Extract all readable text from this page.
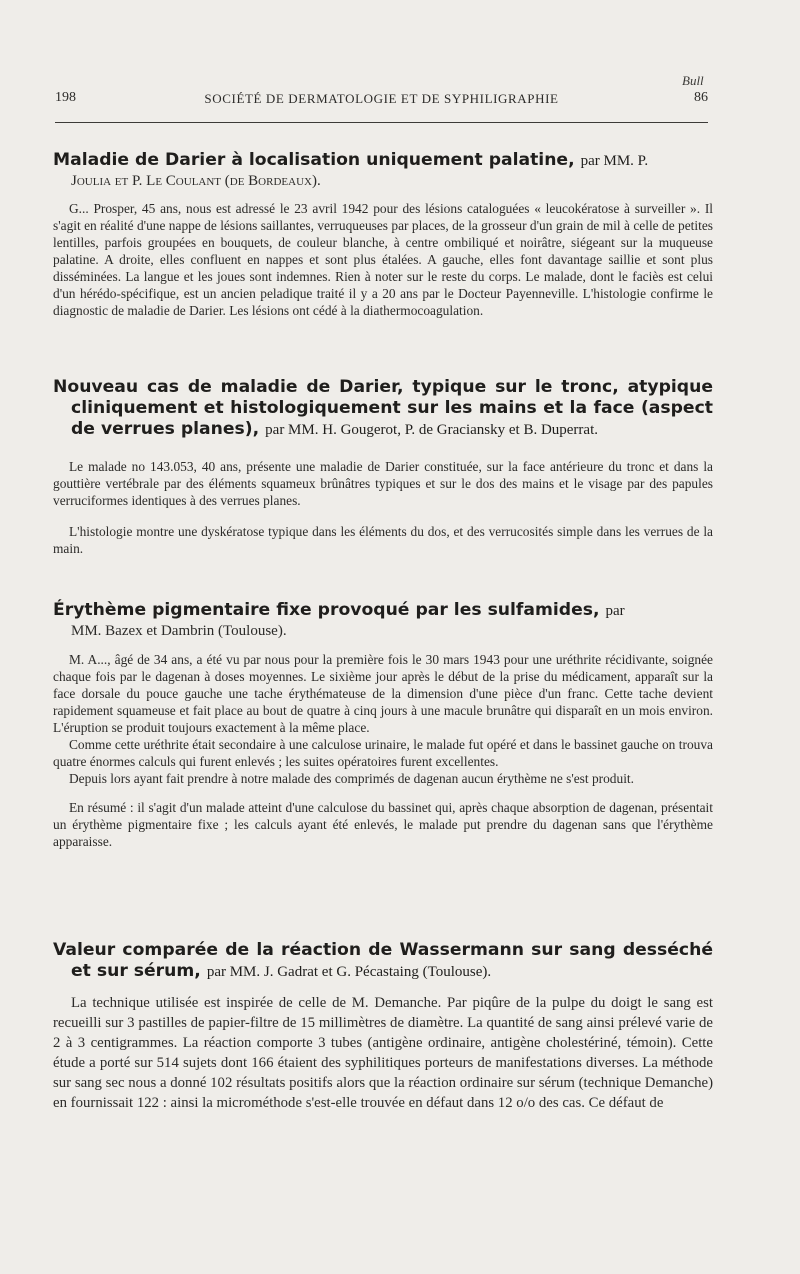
Bull
198	SOCIÉTÉ DE DERMATOLOGIE ET DE SYPHILIGRAPHIE	86
Maladie de Darier à localisation uniquement palatine, par MM. P.
Joulia et P. Le Coulant (de Bordeaux).

G... Prosper, 45 ans, nous est adressé le 23 avril 1942 pour des lésions cataloguées « leucokératose à surveiller ». Il s'agit en réalité d'une nappe de lésions saillantes, verruqueuses par places, de la grosseur d'un grain de mil à celle de petites lentilles, parfois groupées en bouquets, de couleur blanche, à centre ombiliqué et noirâtre, siégeant sur la muqueuse palatine. A droite, elles confluent en nappes et sont plus étalées. A gauche, elles font davantage saillie et sont plus disséminées. La langue et les joues sont indemnes. Rien à noter sur le reste du corps. Le malade, dont le faciès est celui d'un hérédo-spécifique, est un ancien peladique traité il y a 20 ans par le Docteur Payenneville. L'histologie confirme le diagnostic de maladie de Darier. Les lésions ont cédé à la diathermocoagulation.

Nouveau cas de maladie de Darier, typique sur le tronc, atypique cliniquement et histologiquement sur les mains et la face (aspect de verrues planes), par MM. H. Gougerot, P. de Graciansky et B. Duperrat.

Le malade no 143.053, 40 ans, présente une maladie de Darier constituée, sur la face antérieure du tronc et dans la gouttière vertébrale par des éléments squameux brûnâtres typiques et sur le dos des mains et le visage par des papules verruciformes identiques à des verrues planes.

L'histologie montre une dyskératose typique dans les éléments du dos, et des verrucosités simple dans les verrues de la main.

Érythème pigmentaire fixe provoqué par les sulfamides, par
MM. Bazex et Dambrin (Toulouse).

M. A..., âgé de 34 ans, a été vu par nous pour la première fois le 30 mars 1943 pour une uréthrite récidivante, soignée chaque fois par le dagenan à doses moyennes. Le sixième jour après le début de la prise du médicament, apparaît sur la face dorsale du pouce gauche une tache érythémateuse de la dimension d'une pièce d'un franc. Cette tache devient rapidement squameuse et fait place au bout de quatre à cinq jours à une macule brunâtre qui disparaît en un mois environ. L'éruption se produit toujours exactement à la même place.

Comme cette uréthrite était secondaire à une calculose urinaire, le malade fut opéré et dans le bassinet gauche on trouva quatre énormes calculs qui furent enlevés ; les suites opératoires furent excellentes.

Depuis lors ayant fait prendre à notre malade des comprimés de dagenan aucun érythème ne s'est produit.

En résumé : il s'agit d'un malade atteint d'une calculose du bassinet qui, après chaque absorption de dagenan, présentait un érythème pigmentaire fixe ; les calculs ayant été enlevés, le malade put prendre du dagenan sans que l'érythème apparaisse.

Valeur comparée de la réaction de Wassermann sur sang desséché et sur sérum, par MM. J. Gadrat et G. Pécastaing (Toulouse).

La technique utilisée est inspirée de celle de M. Demanche. Par piqûre de la pulpe du doigt le sang est recueilli sur 3 pastilles de papier-filtre de 15 millimètres de diamètre. La quantité de sang ainsi prélevé varie de 2 à 3 centigrammes. La réaction comporte 3 tubes (antigène ordinaire, antigène cholestériné, témoin). Cette étude a porté sur 514 sujets dont 166 étaient des syphilitiques porteurs de manifestations diverses. La méthode sur sang sec nous a donné 102 résultats positifs alors que la réaction ordinaire sur sérum (technique Demanche) en fournissait 122 : ainsi la microméthode s'est-elle trouvée en défaut dans 12 o/o des cas. Ce défaut de
